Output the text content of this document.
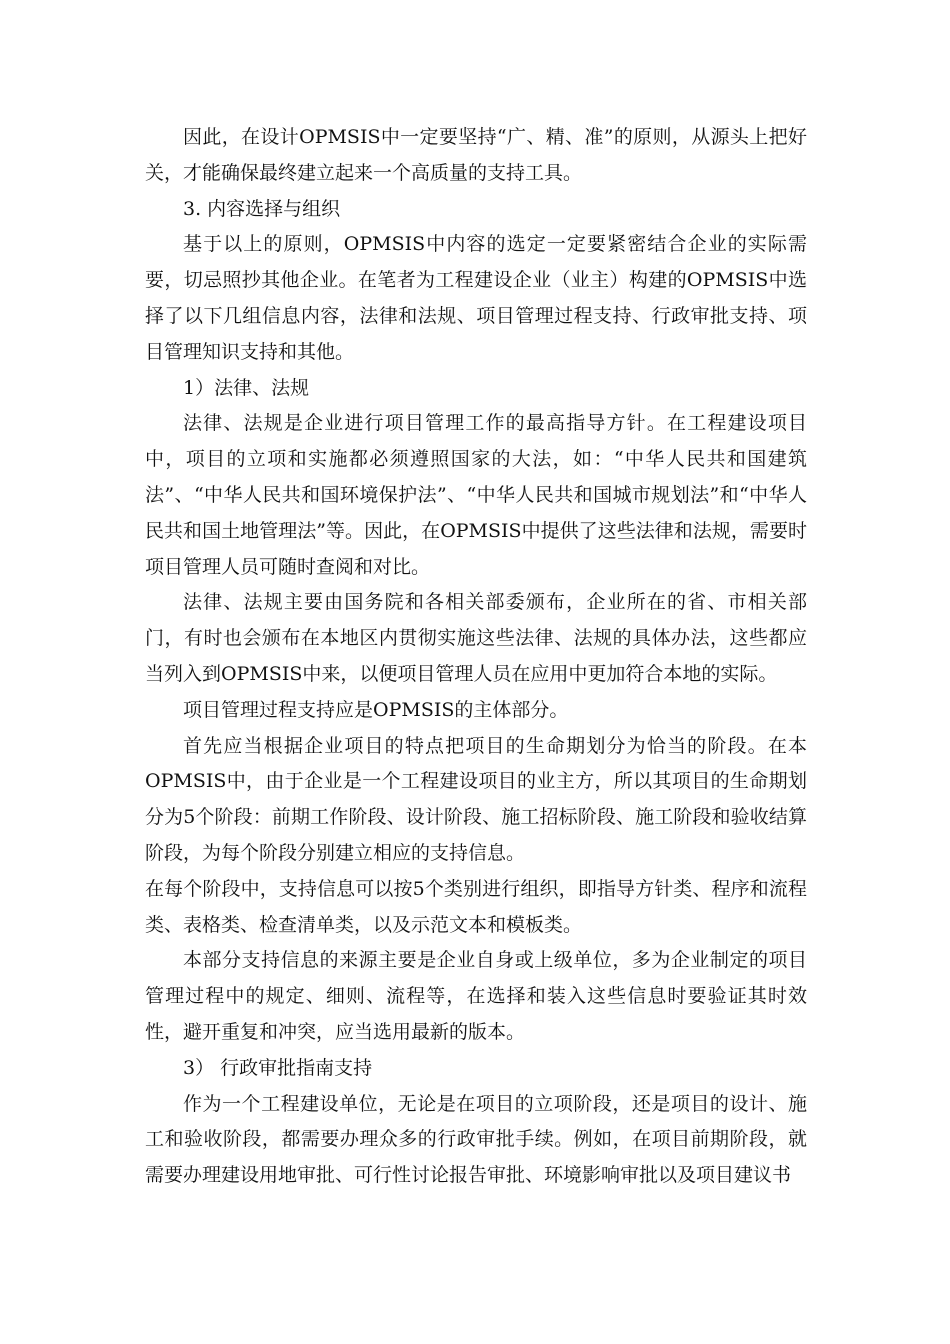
因此，在设计OPMSIS中一定要坚持“广、精、准”的原则，从源头上把好关，才能确保最终建立起来一个高质量的支持工具。

3. 内容选择与组织

基于以上的原则，OPMSIS中内容的选定一定要紧密结合企业的实际需要，切忌照抄其他企业。在笔者为工程建设企业（业主）构建的OPMSIS中选择了以下几组信息内容，法律和法规、项目管理过程支持、行政审批支持、项目管理知识支持和其他。

1）法律、法规

法律、法规是企业进行项目管理工作的最高指导方针。在工程建设项目中，项目的立项和实施都必须遵照国家的大法，如：“中华人民共和国建筑法”、“中华人民共和国环境保护法”、“中华人民共和国城市规划法”和“中华人民共和国土地管理法”等。因此，在OPMSIS中提供了这些法律和法规，需要时项目管理人员可随时查阅和对比。

法律、法规主要由国务院和各相关部委颁布，企业所在的省、市相关部门，有时也会颁布在本地区内贯彻实施这些法律、法规的具体办法，这些都应当列入到OPMSIS中来，以便项目管理人员在应用中更加符合本地的实际。

项目管理过程支持应是OPMSIS的主体部分。

首先应当根据企业项目的特点把项目的生命期划分为恰当的阶段。在本OPMSIS中，由于企业是一个工程建设项目的业主方，所以其项目的生命期划分为5个阶段：前期工作阶段、设计阶段、施工招标阶段、施工阶段和验收结算阶段，为每个阶段分别建立相应的支持信息。

在每个阶段中，支持信息可以按5个类别进行组织，即指导方针类、程序和流程类、表格类、检查清单类，以及示范文本和模板类。

本部分支持信息的来源主要是企业自身或上级单位，多为企业制定的项目管理过程中的规定、细则、流程等，在选择和装入这些信息时要验证其时效性，避开重复和冲突，应当选用最新的版本。

3） 行政审批指南支持

作为一个工程建设单位，无论是在项目的立项阶段，还是项目的设计、施工和验收阶段，都需要办理众多的行政审批手续。例如，在项目前期阶段，就需要办理建设用地审批、可行性讨论报告审批、环境影响审批以及项目建议书
